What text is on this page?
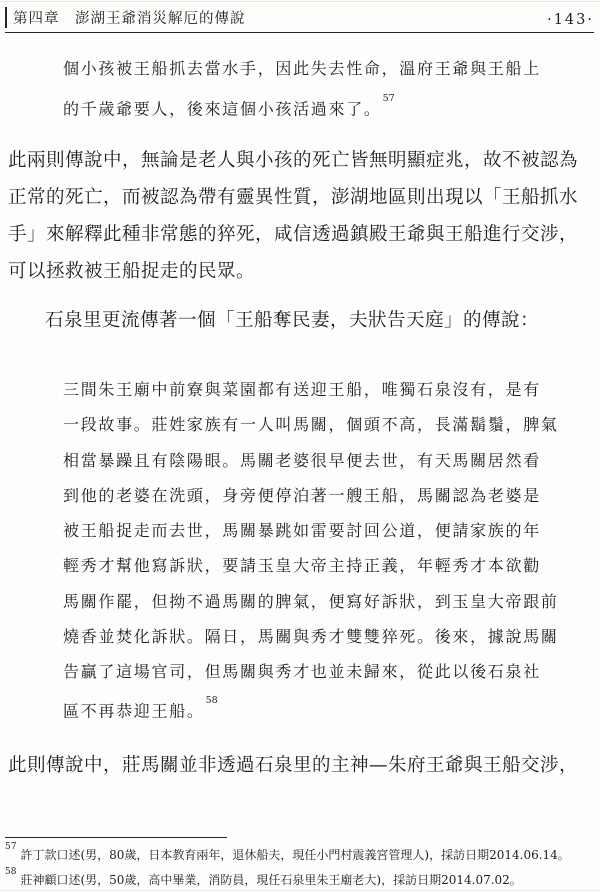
第四章　澎湖王爺消災解厄的傳說	·143·
個小孩被王船抓去當水手，因此失去性命，溫府王爺與王船上
的千歲爺要人，後來這個小孩活過來了。$^{57}$
此兩則傳說中，無論是老人與小孩的死亡皆無明顯症兆，故不被認為
正常的死亡，而被認為帶有靈異性質，澎湖地區則出現以「王船抓水
手」來解釋此種非常態的猝死，咸信透過鎮殿王爺與王船進行交涉，
可以拯救被王船捉走的民眾。
石泉里更流傳著一個「王船奪民妻，夫狀告天庭」的傳說：
三間朱王廟中前寮與菜園都有送迎王船，唯獨石泉沒有，是有
一段故事。莊姓家族有一人叫馬關，個頭不高，長滿鬍鬚，脾氣
相當暴躁且有陰陽眼。馬關老婆很早便去世，有天馬關居然看
到他的老婆在洗頭，身旁便停泊著一艘王船，馬關認為老婆是
被王船捉走而去世，馬關暴跳如雷要討回公道，便請家族的年
輕秀才幫他寫訴狀，要請玉皇大帝主持正義，年輕秀才本欲勸
馬關作罷，但拗不過馬關的脾氣，便寫好訴狀，到玉皇大帝跟前
燒香並焚化訴狀。隔日，馬關與秀才雙雙猝死。後來，據說馬關
告贏了這場官司，但馬關與秀才也並未歸來，從此以後石泉社
區不再恭迎王船。$^{58}$
此則傳說中，莊馬關並非透過石泉里的主神—朱府王爺與王船交涉，
$^{57}$許丁款口述(男，80歲，日本教育兩年，退休船夫，現任小門村震義宮管理人)，採訪日期2014.06.14。
$^{58}$莊神顧口述(男，50歲，高中畢業，消防員，現任石泉里朱王廟老大)，採訪日期2014.07.02。
